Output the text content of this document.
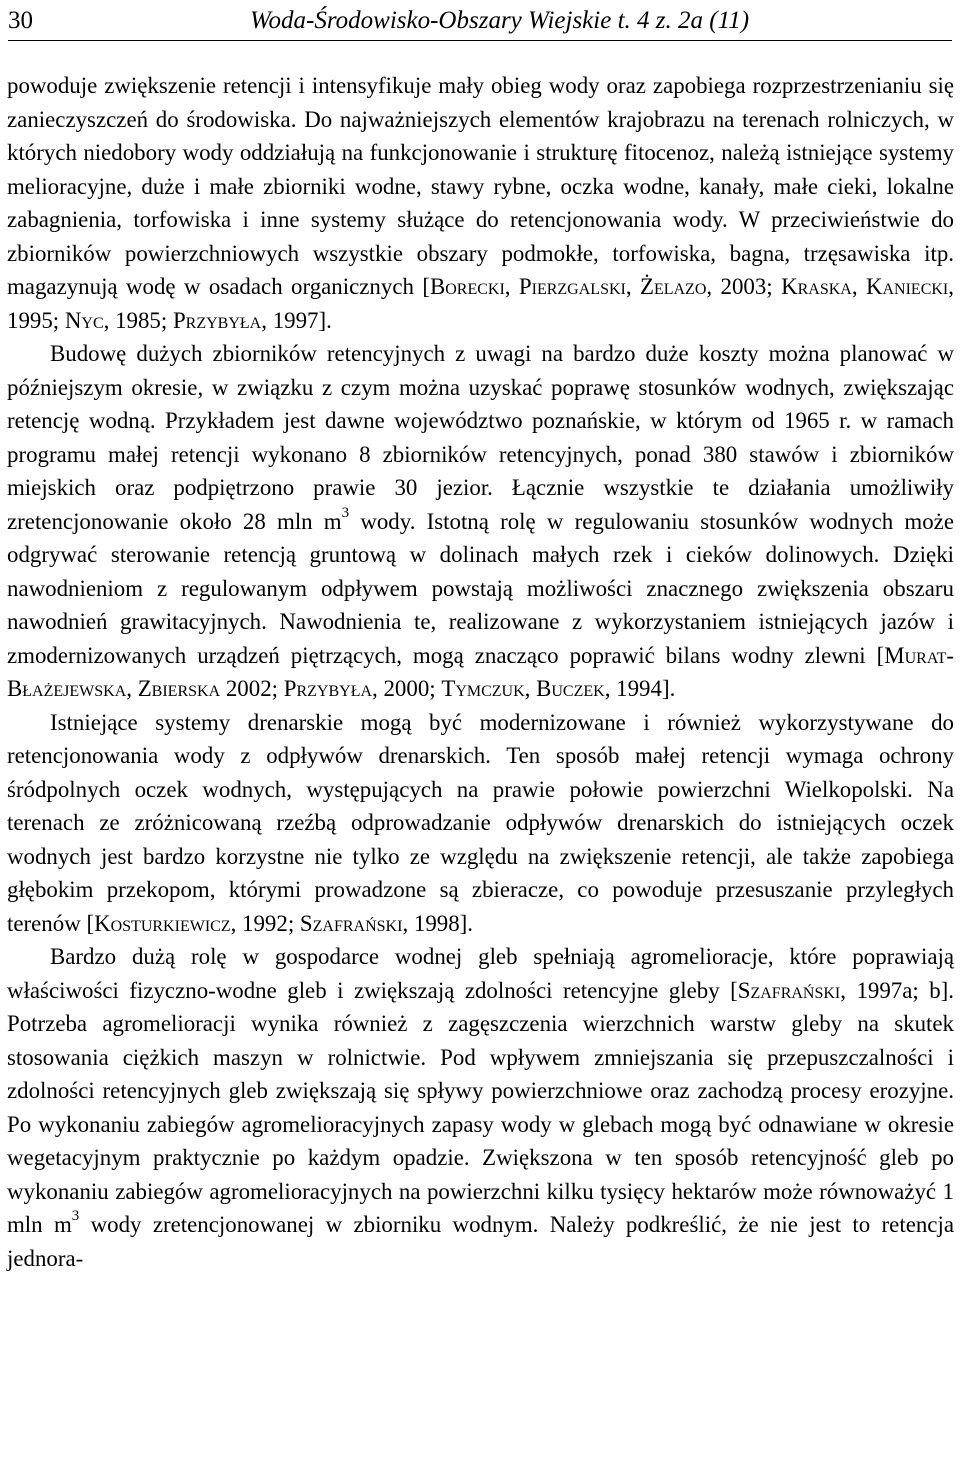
30	Woda-Środowisko-Obszary Wiejskie t. 4 z. 2a (11)

powoduje zwiększenie retencji i intensyfikuje mały obieg wody oraz zapobiega rozprzestrzenianiu się zanieczyszczeń do środowiska. Do najważniejszych elementów krajobrazu na terenach rolniczych, w których niedobory wody oddziałują na funkcjonowanie i strukturę fitocenoz, należą istniejące systemy melioracyjne, duże i małe zbiorniki wodne, stawy rybne, oczka wodne, kanały, małe cieki, lokalne zabagnienia, torfowiska i inne systemy służące do retencjonowania wody. W przeciwieństwie do zbiorników powierzchniowych wszystkie obszary podmokłe, torfowiska, bagna, trzęsawiska itp. magazynują wodę w osadach organicznych [Borecki, Pierzgalski, Żelazo, 2003; Kraska, Kaniecki, 1995; Nyc, 1985; Przybyła, 1997].

Budowę dużych zbiorników retencyjnych z uwagi na bardzo duże koszty można planować w późniejszym okresie, w związku z czym można uzyskać poprawę stosunków wodnych, zwiększając retencję wodną. Przykładem jest dawne województwo poznańskie, w którym od 1965 r. w ramach programu małej retencji wykonano 8 zbiorników retencyjnych, ponad 380 stawów i zbiorników miejskich oraz podpiętrzono prawie 30 jezior. Łącznie wszystkie te działania umożliwiły zretencjonowanie około 28 mln $m^3$ wody. Istotną rolę w regulowaniu stosunków wodnych może odgrywać sterowanie retencją gruntową w dolinach małych rzek i cieków dolinowych. Dzięki nawodnieniom z regulowanym odpływem powstają możliwości znacznego zwiększenia obszaru nawodnień grawitacyjnych. Nawodnienia te, realizowane z wykorzystaniem istniejących jazów i zmodernizowanych urządzeń piętrzących, mogą znacząco poprawić bilans wodny zlewni [Murat-Błażejewska, Zbierska 2002; Przybyła, 2000; Tymczuk, Buczek, 1994].

Istniejące systemy drenarskie mogą być modernizowane i również wykorzystywane do retencjonowania wody z odpływów drenarskich. Ten sposób małej retencji wymaga ochrony śródpolnych oczek wodnych, występujących na prawie połowie powierzchni Wielkopolski. Na terenach ze zróżnicowaną rzeźbą odprowadzanie odpływów drenarskich do istniejących oczek wodnych jest bardzo korzystne nie tylko ze względu na zwiększenie retencji, ale także zapobiega głębokim przekopom, którymi prowadzone są zbieracze, co powoduje przesuszanie przyległych terenów [Kosturkiewicz, 1992; Szafrański, 1998].

Bardzo dużą rolę w gospodarce wodnej gleb spełniają agromelioracje, które poprawiają właściwości fizyczno-wodne gleb i zwiększają zdolności retencyjne gleby [Szafrański, 1997a; b]. Potrzeba agromelioracji wynika również z zagęszczenia wierzchnich warstw gleby na skutek stosowania ciężkich maszyn w rolnictwie. Pod wpływem zmniejszania się przepuszczalności i zdolności retencyjnych gleb zwiększają się spływy powierzchniowe oraz zachodzą procesy erozyjne. Po wykonaniu zabiegów agromelioracyjnych zapasy wody w glebach mogą być odnawiane w okresie wegetacyjnym praktycznie po każdym opadzie. Zwiększona w ten sposób retencyjność gleb po wykonaniu zabiegów agromelioracyjnych na powierzchni kilku tysięcy hektarów może równoważyć 1 mln $m^3$ wody zretencjonowanej w zbiorniku wodnym. Należy podkreślić, że nie jest to retencja jednora-
